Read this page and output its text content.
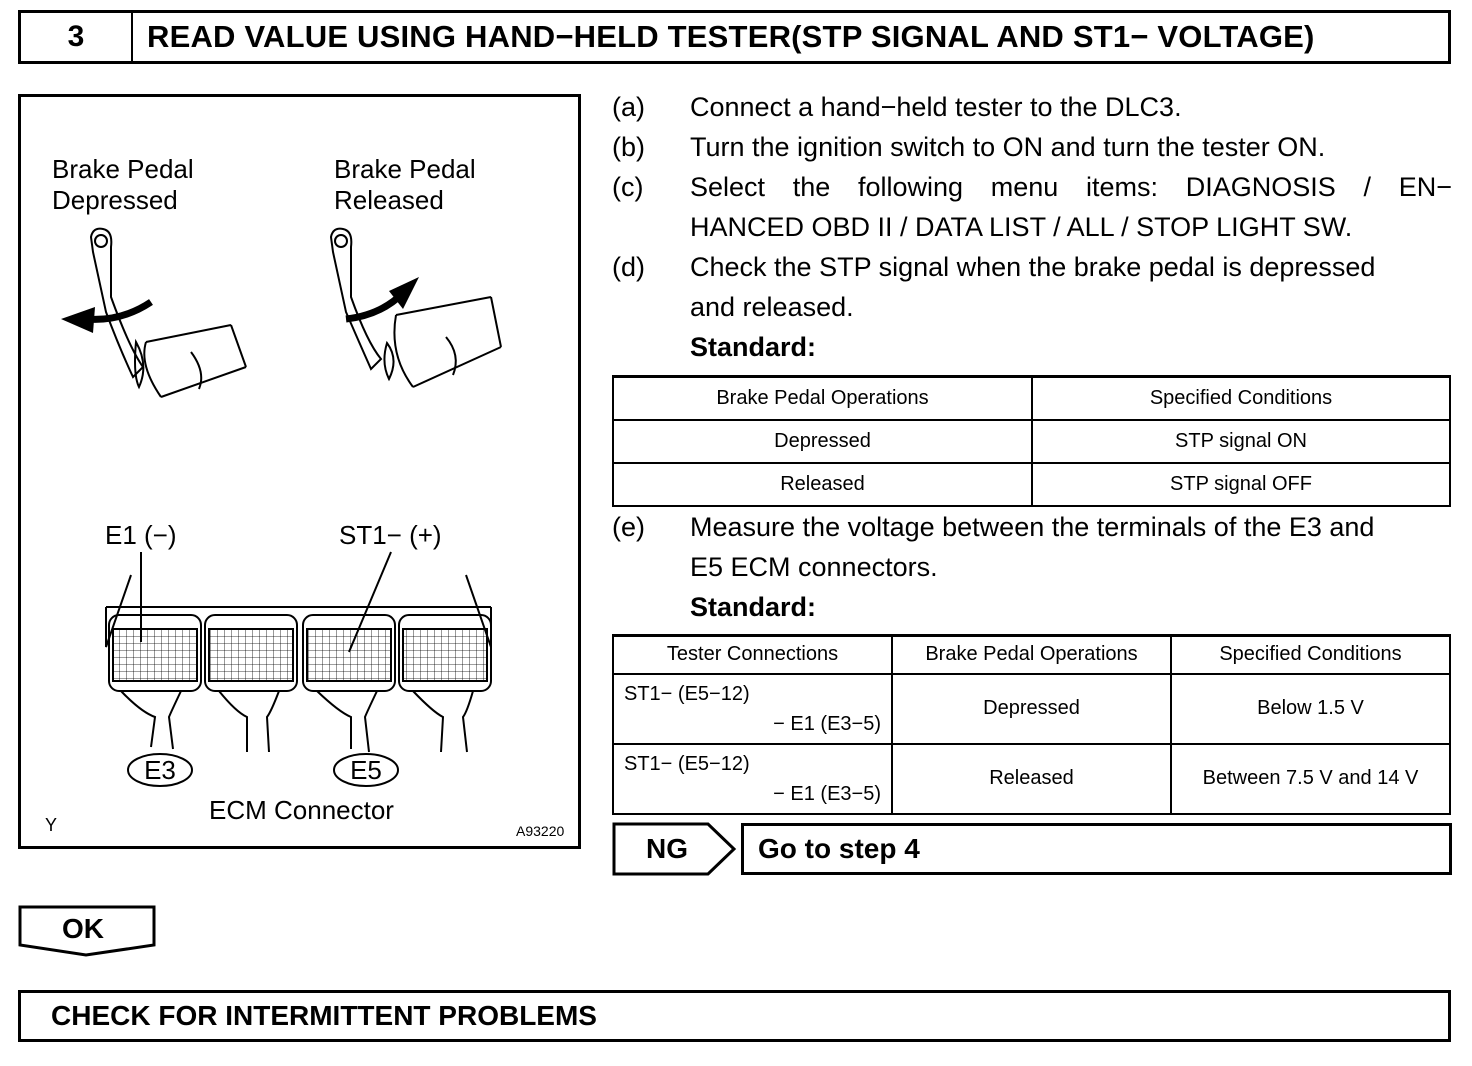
3	READ VALUE USING HAND−HELD TESTER(STP SIGNAL AND ST1− VOLTAGE)
Brake Pedal
Depressed
Brake Pedal
Released
E1 (−)	ST1− (+)
E3	E5
ECM Connector
Y	A93220
(a)	Connect a hand−held tester to the DLC3.
(b)	Turn the ignition switch to ON and turn the tester ON.
(c)	Select the following menu items: DIAGNOSIS / EN−
HANCED OBD II / DATA LIST / ALL / STOP LIGHT SW.
(d)	Check the STP signal when the brake pedal is depressed
and released.
Standard:
Brake Pedal Operations	Specified Conditions
Depressed	STP signal ON
Released	STP signal OFF
(e)	Measure the voltage between the terminals of the E3 and
E5 ECM connectors.
Standard:
Tester Connections	Brake Pedal Operations	Specified Conditions

ST1− (E5−12)
− E1 (E3−5)	Depressed	Below 1.5 V

ST1− (E5−12)
− E1 (E3−5)	Released	Between 7.5 V and 14 V
NG	Go to step 4
OK
CHECK FOR INTERMITTENT PROBLEMS
